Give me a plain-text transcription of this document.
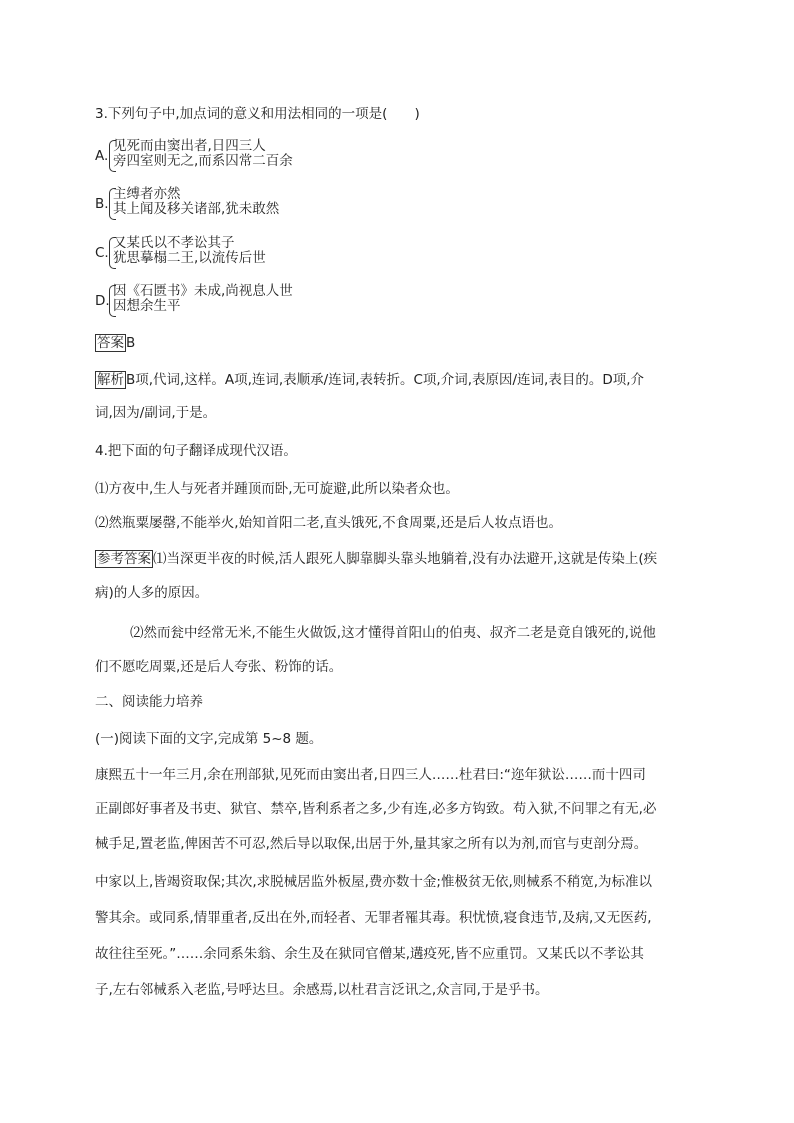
3.下列句子中,加点词的意义和用法相同的一项是(　　)
A.
见死而由窦出者,日四三人
旁四室则无之,而系囚常二百余
B.
主缚者亦然
其上闻及移关诸部,犹未敢然
C.
又某氏以不孝讼其子
犹思摹榻二王,以流传后世
D.
因《石匮书》未成,尚视息人世
因想余生平
答案 B
解析 B项,代词,这样。A项,连词,表顺承/连词,表转折。C项,介词,表原因/连词,表目的。D项,介
词,因为/副词,于是。
4.把下面的句子翻译成现代汉语。
⑴方夜中,生人与死者并踵顶而卧,无可旋避,此所以染者众也。
⑵然瓶粟屡罄,不能举火,始知首阳二老,直头饿死,不食周粟,还是后人妆点语也。
参考答案 ⑴当深更半夜的时候,活人跟死人脚靠脚头靠头地躺着,没有办法避开,这就是传染上(疾
病)的人多的原因。
⑵然而瓮中经常无米,不能生火做饭,这才懂得首阳山的伯夷、叔齐二老是竟自饿死的,说他
们不愿吃周粟,还是后人夸张、粉饰的话。
二、阅读能力培养
(一)阅读下面的文字,完成第 5~8 题。
康熙五十一年三月,余在刑部狱,见死而由窦出者,日四三人……杜君曰:“迩年狱讼……而十四司
正副郎好事者及书吏、狱官、禁卒,皆利系者之多,少有连,必多方钩致。苟入狱,不问罪之有无,必
械手足,置老监,俾困苦不可忍,然后导以取保,出居于外,量其家之所有以为剂,而官与吏剖分焉。
中家以上,皆竭资取保;其次,求脱械居监外板屋,费亦数十金;惟极贫无依,则械系不稍宽,为标准以
警其余。或同系,情罪重者,反出在外,而轻者、无罪者罹其毒。积忧愤,寝食违节,及病,又无医药,
故往往至死。”……余同系朱翁、余生及在狱同官僧某,遘疫死,皆不应重罚。又某氏以不孝讼其
子,左右邻械系入老监,号呼达旦。余感焉,以杜君言泛讯之,众言同,于是乎书。
